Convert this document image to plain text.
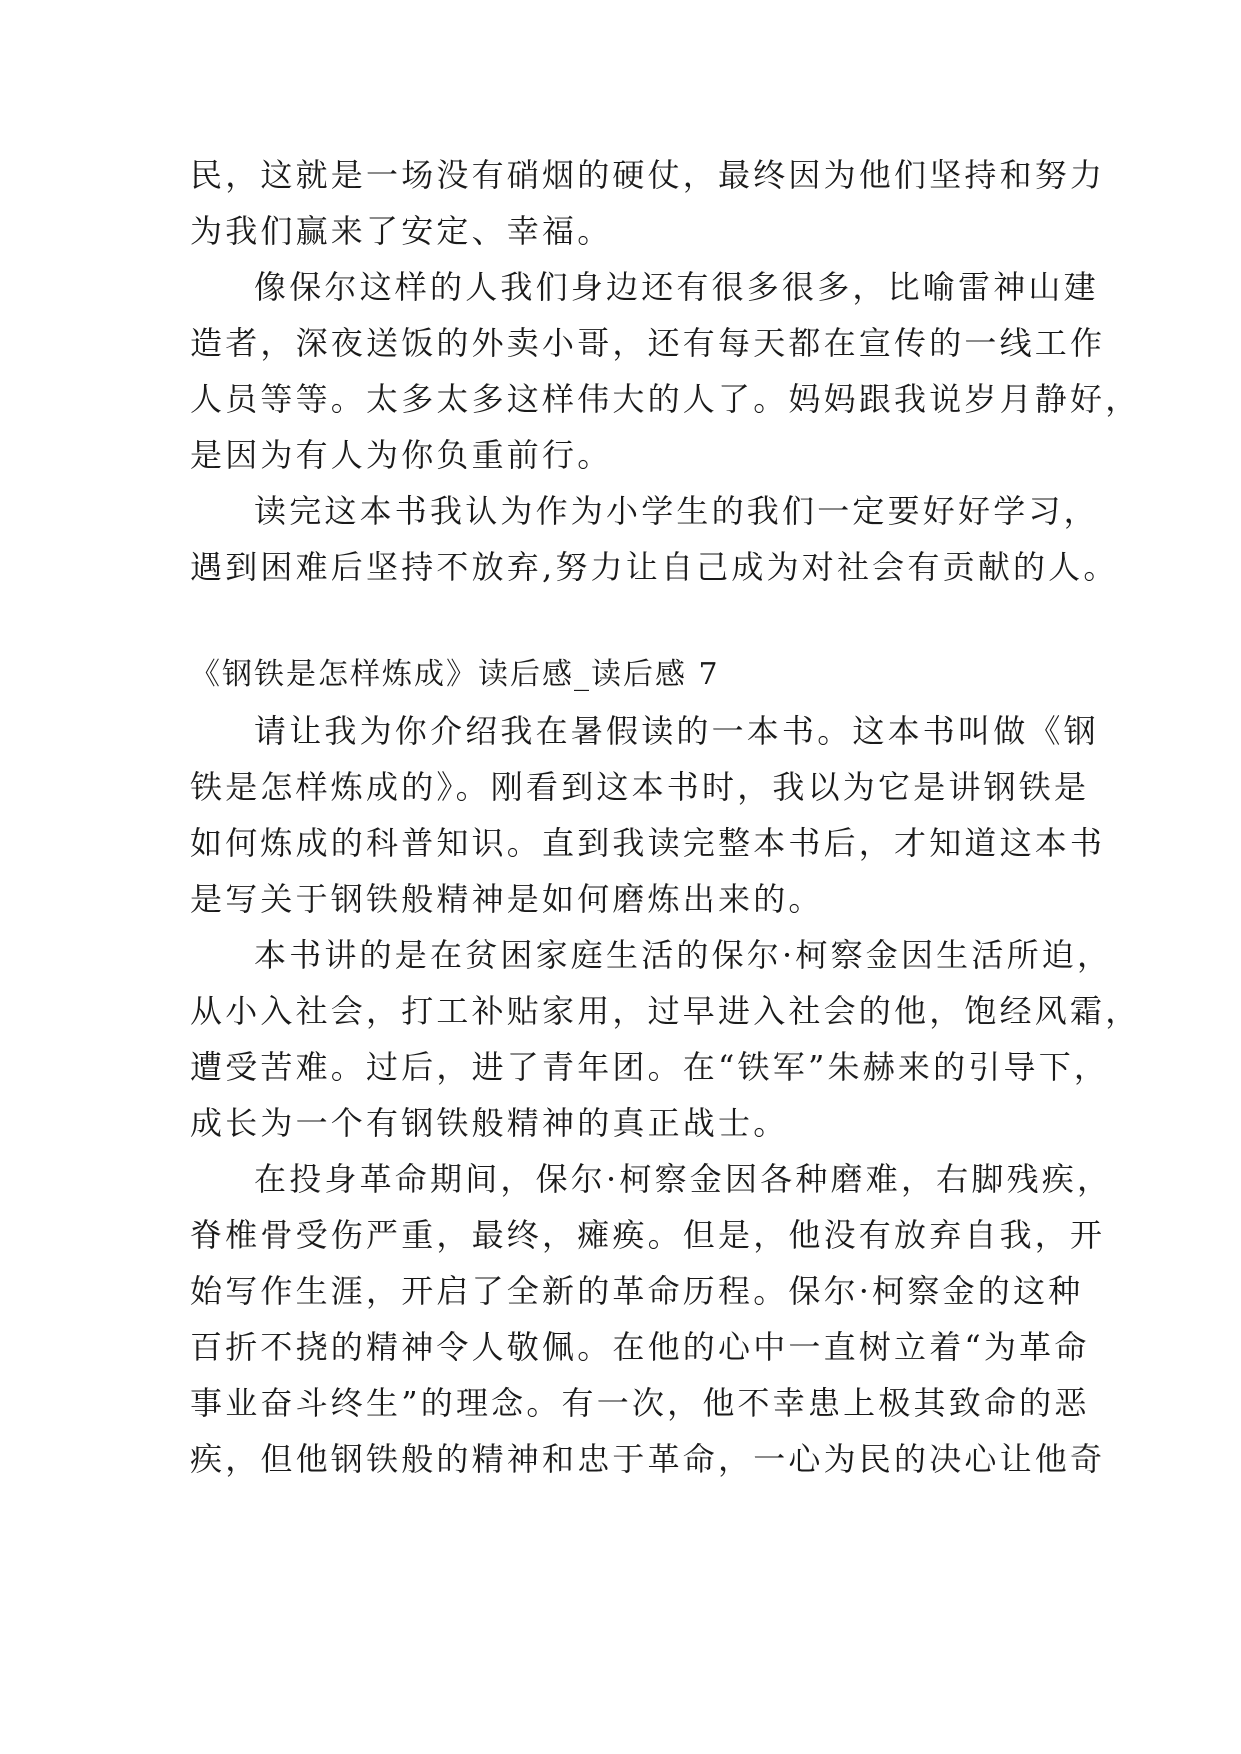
民，这就是一场没有硝烟的硬仗，最终因为他们坚持和努力
为我们赢来了安定、幸福。
像保尔这样的人我们身边还有很多很多，比喻雷神山建
造者，深夜送饭的外卖小哥，还有每天都在宣传的一线工作
人员等等。太多太多这样伟大的人了。妈妈跟我说岁月静好，
是因为有人为你负重前行。
读完这本书我认为作为小学生的我们一定要好好学习，
遇到困难后坚持不放弃,努力让自己成为对社会有贡献的人。
《钢铁是怎样炼成》读后感_读后感 7
请让我为你介绍我在暑假读的一本书。这本书叫做《钢
铁是怎样炼成的》。刚看到这本书时，我以为它是讲钢铁是
如何炼成的科普知识。直到我读完整本书后，才知道这本书
是写关于钢铁般精神是如何磨炼出来的。
本书讲的是在贫困家庭生活的保尔·柯察金因生活所迫，
从小入社会，打工补贴家用，过早进入社会的他，饱经风霜，
遭受苦难。过后，进了青年团。在“铁军”朱赫来的引导下，
成长为一个有钢铁般精神的真正战士。
在投身革命期间，保尔·柯察金因各种磨难，右脚残疾，
脊椎骨受伤严重，最终，瘫痪。但是，他没有放弃自我，开
始写作生涯，开启了全新的革命历程。保尔·柯察金的这种
百折不挠的精神令人敬佩。在他的心中一直树立着“为革命
事业奋斗终生”的理念。有一次，他不幸患上极其致命的恶
疾，但他钢铁般的精神和忠于革命，一心为民的决心让他奇
